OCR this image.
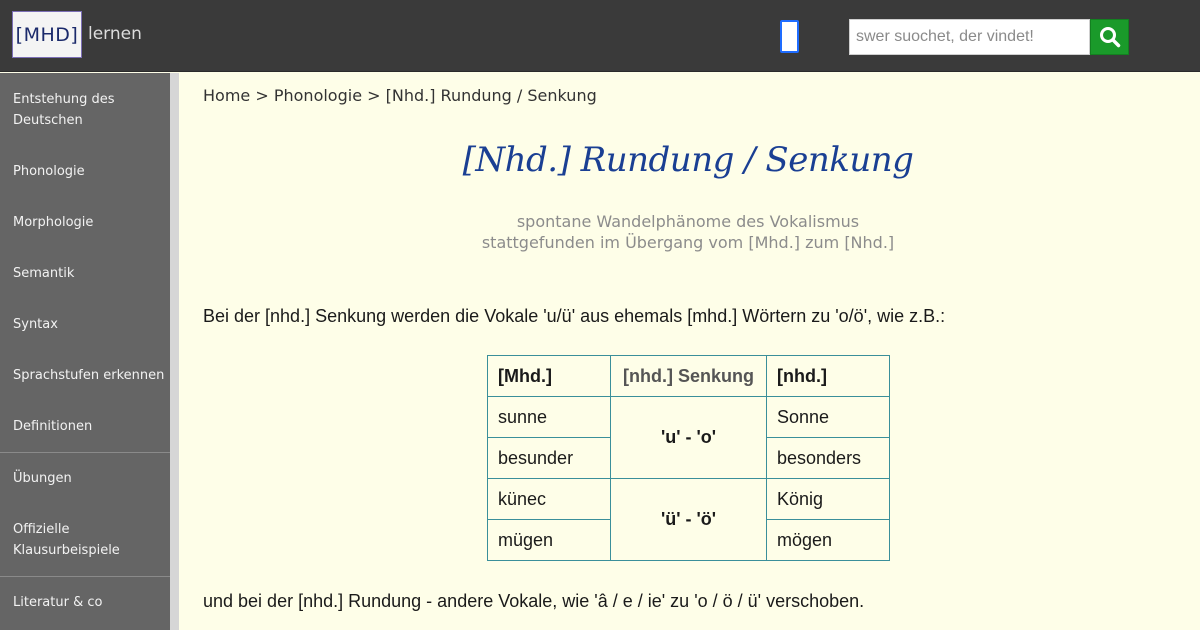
[MHD] lernen
swer suochet, der vindet!
Entstehung des Deutschen
Phonologie
Morphologie
Semantik
Syntax
Sprachstufen erkennen
Definitionen
Übungen
Offizielle Klausurbeispiele
Literatur & co
Home > Phonologie > [Nhd.] Rundung / Senkung
[Nhd.] Rundung / Senkung
spontane Wandelphänome des Vokalismus
stattgefunden im Übergang vom [Mhd.] zum [Nhd.]
Bei der [nhd.] Senkung werden die Vokale 'u/ü' aus ehemals [mhd.] Wörtern zu 'o/ö', wie z.B.:
[Mhd.]	[nhd.] Senkung	[nhd.]
sunne	'u' - 'o'	Sonne
besunder		besonders
künec	'ü' - 'ö'	König
mügen		mögen
und bei der [nhd.] Rundung - andere Vokale, wie 'â / e / ie' zu 'o / ö / ü' verschoben.
